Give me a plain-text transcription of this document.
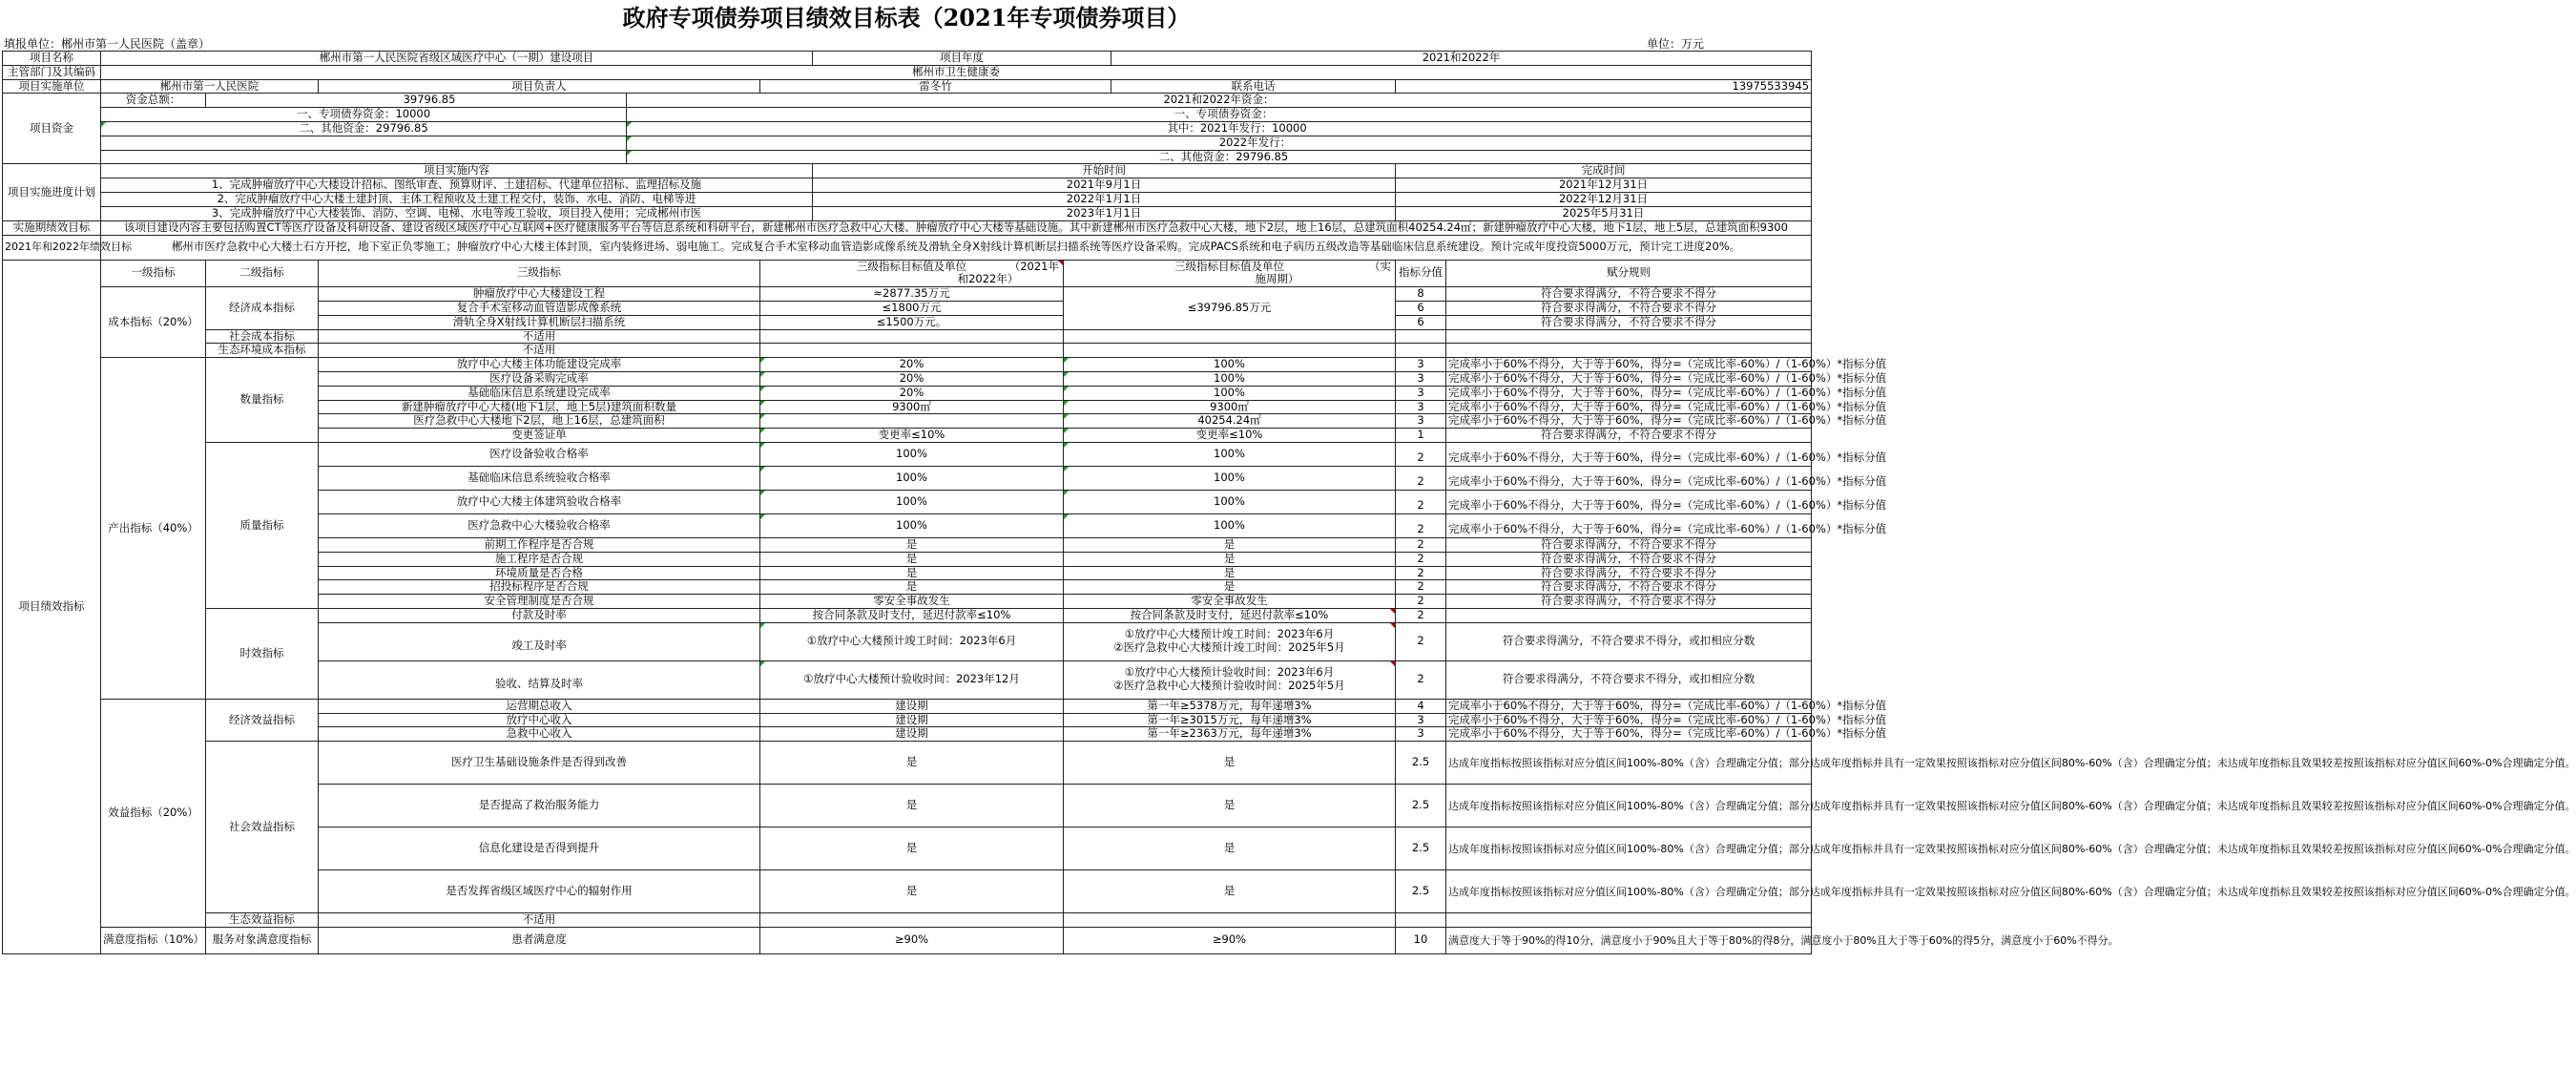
政府专项债券项目绩效目标表（2021年专项债券项目）
填报单位：郴州市第一人民医院（盖章）	单位：万元
项目名称	郴州市第一人民医院省级区域医疗中心（一期）建设项目					项目年度		2021和2022年		
主管部门及其编码	郴州市卫生健康委									
项目实施单位	郴州市第一人民医院		项目负责人		雷冬竹			联系电话	13975533945	
项目资金	资金总额：	39796.85		2021和2022年资金：						
	一、专项债券资金：10000			一、专项债券资金：						
	二、其他资金：29796.85			其中：2021年发行：10000						
				2022年发行：						
				二、其他资金：29796.85						
项目实施进度计划	项目实施内容					开始时间			完成时间	
	1、完成肿瘤放疗中心大楼设计招标、图纸审查、预算财评、土建招标、代建单位招标、监理招标及施					2021年9月1日			2021年12月31日	
	2、完成肿瘤放疗中心大楼土建封顶、主体工程预收及土建工程交付，装饰、水电、消防、电梯等进					2022年1月1日			2022年12月31日	
	3、完成肿瘤放疗中心大楼装饰、消防、空调、电梯、水电等竣工验收，项目投入使用；完成郴州市医					2023年1月1日			2025年5月31日	
实施期绩效目标	该项目建设内容主要包括购置CT等医疗设备及科研设备、建设省级区域医疗中心互联网+医疗健康服务平台等信息系统和科研平台，新建郴州市医疗急救中心大楼、肿瘤放疗中心大楼等基础设施。其中新建郴州市医疗急救中心大楼，地下2层，地上16层，总建筑面积40254.24㎡；新建肿瘤放疗中心大楼，地下1层，地上5层，总建筑面积9300									
2021年和2022年绩效目标	郴州市医疗急救中心大楼土石方开挖，地下室正负零施工；肿瘤放疗中心大楼主体封顶，室内装修进场、弱电施工。完成复合手术室移动血管造影成像系统及滑轨全身X射线计算机断层扫描系统等医疗设备采购。完成PACS系统和电子病历五级改造等基础临床信息系统建设。预计完成年度投资5000万元，预计完工进度20%。									
项目绩效指标	一级指标	二级指标	三级指标		三级指标目标值及单位 （2021年

和2022年）		三级指标目标值及单位 （实

施周期）		指标分值	赋分规则
	成本指标（20%）	经济成本指标	肿瘤放疗中心大楼建设工程		≈2877.35万元		≤39796.85万元		8	符合要求得满分，不符合要求不得分
			复合手术室移动血管造影成像系统		≤1800万元				6	符合要求得满分，不符合要求不得分
			滑轨全身X射线计算机断层扫描系统		≤1500万元。				6	符合要求得满分，不符合要求不得分
		社会成本指标	不适用							
		生态环境成本指标	不适用							
	产出指标（40%）	数量指标	放疗中心大楼主体功能建设完成率		20%		100%		3	完成率小于60%不得分，大于等于60%，得分=（完成比率-60%）/（1-60%）*指标分值
			医疗设备采购完成率		20%		100%		3	完成率小于60%不得分，大于等于60%，得分=（完成比率-60%）/（1-60%）*指标分值
			基础临床信息系统建设完成率		20%		100%		3	完成率小于60%不得分，大于等于60%，得分=（完成比率-60%）/（1-60%）*指标分值
			新建肿瘤放疗中心大楼(地下1层，地上5层)建筑面积数量		9300㎡		9300㎡		3	完成率小于60%不得分，大于等于60%，得分=（完成比率-60%）/（1-60%）*指标分值
			医疗急救中心大楼地下2层，地上16层，总建筑面积				40254.24㎡		3	完成率小于60%不得分，大于等于60%，得分=（完成比率-60%）/（1-60%）*指标分值
			变更签证单		变更率≤10%		变更率≤10%		1	符合要求得满分，不符合要求不得分
		质量指标	医疗设备验收合格率		100%		100%		2	完成率小于60%不得分，大于等于60%，得分=（完成比率-60%）/（1-60%）*指标分值
			基础临床信息系统验收合格率		100%		100%		2	完成率小于60%不得分，大于等于60%，得分=（完成比率-60%）/（1-60%）*指标分值
			放疗中心大楼主体建筑验收合格率		100%		100%		2	完成率小于60%不得分，大于等于60%，得分=（完成比率-60%）/（1-60%）*指标分值
			医疗急救中心大楼验收合格率		100%		100%		2	完成率小于60%不得分，大于等于60%，得分=（完成比率-60%）/（1-60%）*指标分值
			前期工作程序是否合规		是		是		2	符合要求得满分，不符合要求不得分
			施工程序是否合规		是		是		2	符合要求得满分，不符合要求不得分
			环境质量是否合格		是		是		2	符合要求得满分，不符合要求不得分
			招投标程序是否合规		是		是		2	符合要求得满分，不符合要求不得分
			安全管理制度是否合规		零安全事故发生		零安全事故发生		2	符合要求得满分，不符合要求不得分
		时效指标	付款及时率		按合同条款及时支付，延迟付款率≤10%		按合同条款及时支付，延迟付款率≤10%		2	
			竣工及时率		①放疗中心大楼预计竣工时间：2023年6月		①放疗中心大楼预计竣工时间：2023年6月
②医疗急救中心大楼预计竣工时间：2025年5月		2	符合要求得满分，不符合要求不得分，或扣相应分数
			验收、结算及时率		①放疗中心大楼预计验收时间：2023年12月		①放疗中心大楼预计验收时间：2023年6月
②医疗急救中心大楼预计验收时间：2025年5月		2	符合要求得满分，不符合要求不得分，或扣相应分数
	效益指标（20%）	经济效益指标	运营期总收入		建设期		第一年≥5378万元，每年递增3%		4	完成率小于60%不得分，大于等于60%，得分=（完成比率-60%）/（1-60%）*指标分值
			放疗中心收入		建设期		第一年≥3015万元，每年递增3%		3	完成率小于60%不得分，大于等于60%，得分=（完成比率-60%）/（1-60%）*指标分值
			急救中心收入		建设期		第一年≥2363万元，每年递增3%		3	完成率小于60%不得分，大于等于60%，得分=（完成比率-60%）/（1-60%）*指标分值
		社会效益指标	医疗卫生基础设施条件是否得到改善		是		是		2.5	达成年度指标按照该指标对应分值区间100%-80%（含）合理确定分值；部分达成年度指标并具有一定效果按照该指标对应分值区间80%-60%（含）合理确定分值；未达成年度指标且效果较差按照该指标对应分值区间60%-0%合理确定分值。
			是否提高了救治服务能力		是		是		2.5	达成年度指标按照该指标对应分值区间100%-80%（含）合理确定分值；部分达成年度指标并具有一定效果按照该指标对应分值区间80%-60%（含）合理确定分值；未达成年度指标且效果较差按照该指标对应分值区间60%-0%合理确定分值。
			信息化建设是否得到提升		是		是		2.5	达成年度指标按照该指标对应分值区间100%-80%（含）合理确定分值；部分达成年度指标并具有一定效果按照该指标对应分值区间80%-60%（含）合理确定分值；未达成年度指标且效果较差按照该指标对应分值区间60%-0%合理确定分值。
			是否发挥省级区域医疗中心的辐射作用		是		是		2.5	达成年度指标按照该指标对应分值区间100%-80%（含）合理确定分值；部分达成年度指标并具有一定效果按照该指标对应分值区间80%-60%（含）合理确定分值；未达成年度指标且效果较差按照该指标对应分值区间60%-0%合理确定分值。
		生态效益指标	不适用							
	满意度指标（10%）	服务对象满意度指标	患者满意度		≥90%		≥90%		10	满意度大于等于90%的得10分，满意度小于90%且大于等于80%的得8分，满意度小于80%且大于等于60%的得5分，满意度小于60%不得分。
